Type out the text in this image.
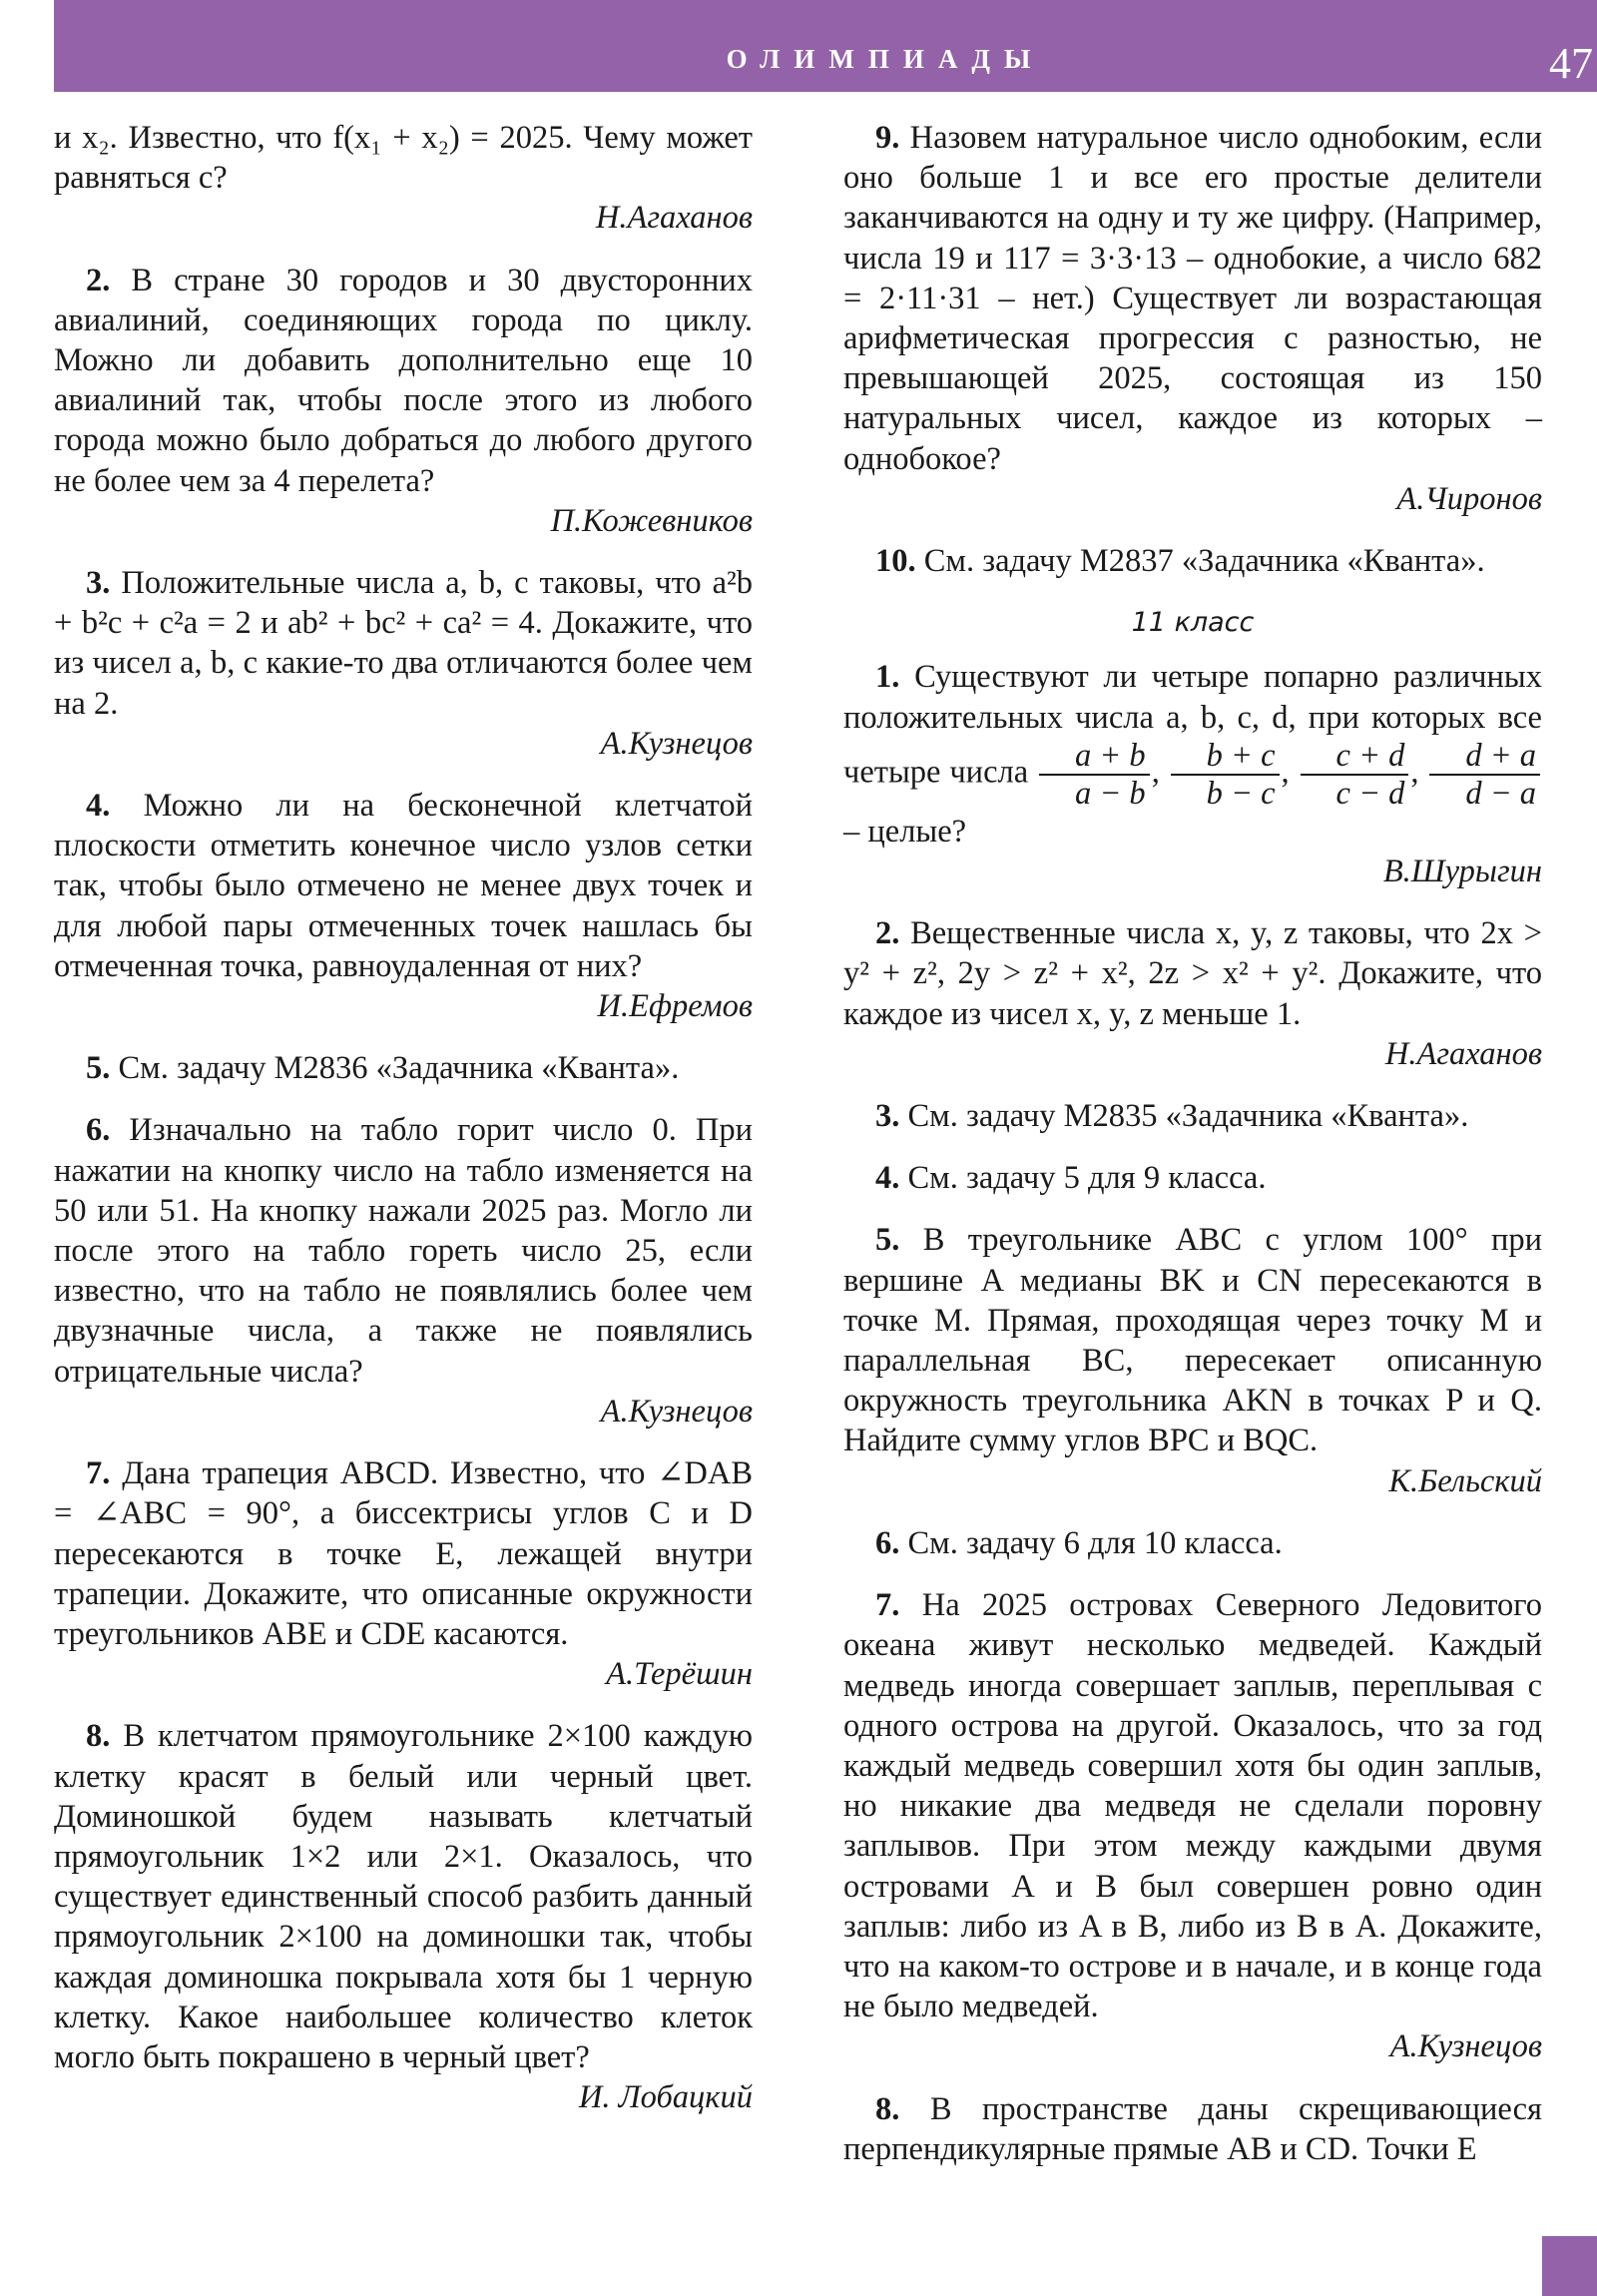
ОЛИМПИАДЫ	47

и x₂. Известно, что f(x₁ + x₂) = 2025. Чему может равняться c?

Н.Агаханов

2. В стране 30 городов и 30 двусторонних авиалиний, соединяющих города по циклу. Можно ли добавить дополнительно еще 10 авиалиний так, чтобы после этого из любого города можно было добраться до любого другого не более чем за 4 перелета?

П.Кожевников

3. Положительные числа a, b, c таковы, что a²b + b²c + c²a = 2 и ab² + bc² + ca² = 4. Докажите, что из чисел a, b, c какие-то два отличаются более чем на 2.

А.Кузнецов

4. Можно ли на бесконечной клетчатой плоскости отметить конечное число узлов сетки так, чтобы было отмечено не менее двух точек и для любой пары отмеченных точек нашлась бы отмеченная точка, равноудаленная от них?

И.Ефремов

5. См. задачу М2836 «Задачника «Кванта».

6. Изначально на табло горит число 0. При нажатии на кнопку число на табло изменяется на 50 или 51. На кнопку нажали 2025 раз. Могло ли после этого на табло гореть число 25, если известно, что на табло не появлялись более чем двузначные числа, а также не появлялись отрицательные числа?

А.Кузнецов

7. Дана трапеция ABCD. Известно, что ∠DAB = ∠ABC = 90°, а биссектрисы углов C и D пересекаются в точке E, лежащей внутри трапеции. Докажите, что описанные окружности треугольников ABE и CDE касаются.

А.Терёшин

8. В клетчатом прямоугольнике 2×100 каждую клетку красят в белый или черный цвет. Доминошкой будем называть клетчатый прямоугольник 1×2 или 2×1. Оказалось, что существует единственный способ разбить данный прямоугольник 2×100 на доминошки так, чтобы каждая доминошка покрывала хотя бы 1 черную клетку. Какое наибольшее количество клеток могло быть покрашено в черный цвет?

И. Лобацкий

9. Назовем натуральное число однобоким, если оно больше 1 и все его простые делители заканчиваются на одну и ту же цифру. (Например, числа 19 и 117 = 3·3·13 – однобокие, а число 682 = 2·11·31 – нет.) Существует ли возрастающая арифметическая прогрессия с разностью, не превышающей 2025, состоящая из 150 натуральных чисел, каждое из которых – однобокое?

А.Чиронов

10. См. задачу М2837 «Задачника «Кванта».

11 класс

1. Существуют ли четыре попарно различных положительных числа a, b, c, d, при которых все четыре числа $\frac{a + b}{a - b}$ , $\frac{b + c}{b - c}$ , $\frac{c + d}{c - d}$ , $\frac{d + a}{d - a}$
– целые?

В.Шурыгин

2. Вещественные числа x, y, z таковы, что 2x > y² + z², 2y > z² + x², 2z > x² + y². Докажите, что каждое из чисел x, y, z меньше 1.

Н.Агаханов

3. См. задачу М2835 «Задачника «Кванта».

4. См. задачу 5 для 9 класса.

5. В треугольнике ABC с углом 100° при вершине A медианы BK и CN пересекаются в точке M. Прямая, проходящая через точку M и параллельная BC, пересекает описанную окружность треугольника AKN в точках P и Q. Найдите сумму углов BPC и BQC.

К.Бельский

6. См. задачу 6 для 10 класса.

7. На 2025 островах Северного Ледовитого океана живут несколько медведей. Каждый медведь иногда совершает заплыв, переплывая с одного острова на другой. Оказалось, что за год каждый медведь совершил хотя бы один заплыв, но никакие два медведя не сделали поровну заплывов. При этом между каждыми двумя островами A и B был совершен ровно один заплыв: либо из A в B, либо из B в A. Докажите, что на каком-то острове и в начале, и в конце года не было медведей.

А.Кузнецов

8. В пространстве даны скрещивающиеся перпендикулярные прямые AB и CD. Точки E
